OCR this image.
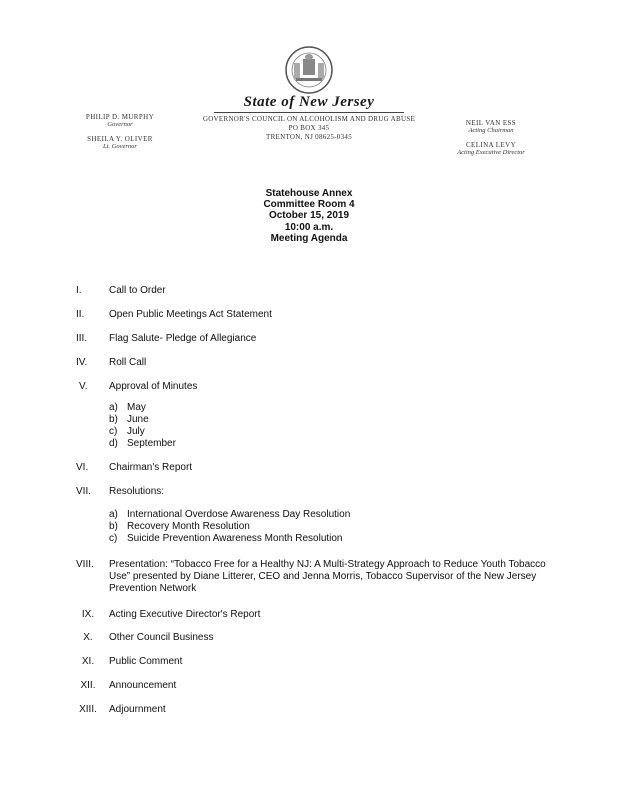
State of New Jersey
GOVERNOR'S COUNCIL ON ALCOHOLISM AND DRUG ABUSE
PO BOX 345
TRENTON, NJ 08625-0345
PHILIP D. MURPHY
Governor
SHEILA Y. OLIVER
Lt. Governor
NEIL VAN ESS
Acting Chairman
CELINA LEVY
Acting Executive Director
Statehouse Annex
Committee Room 4
October 15, 2019
10:00 a.m.
Meeting Agenda
I.	Call to Order
II. Open Public Meetings Act Statement
III. Flag Salute- Pledge of Allegiance
IV. Roll Call
V. Approval of Minutes
a) May
b) June
c) July
d) September
VI. Chairman's Report
VII. Resolutions:
a) International Overdose Awareness Day Resolution
b) Recovery Month Resolution
c) Suicide Prevention Awareness Month Resolution
VIII. Presentation: “Tobacco Free for a Healthy NJ: A Multi-Strategy Approach to Reduce Youth Tobacco Use” presented by Diane Litterer, CEO and Jenna Morris, Tobacco Supervisor of the New Jersey Prevention Network
IX.	Acting Executive Director's Report
X.	Other Council Business
XI.	Public Comment
XII.	Announcement
XIII.	Adjournment
